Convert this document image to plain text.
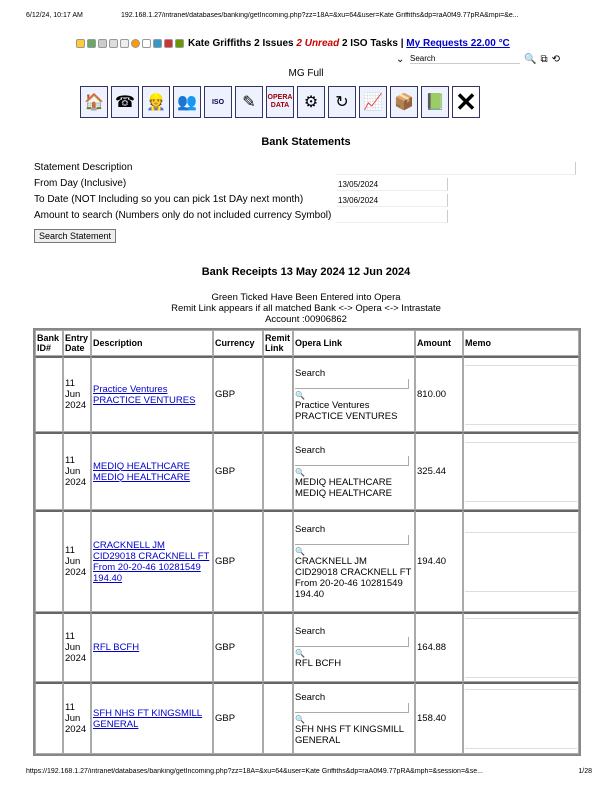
6/12/24, 10:17 AM	192.168.1.27/intranet/databases/banking/getIncoming.php?zz=18A=&xu=64&user=Kate Griffiths&dp=raA0f49.77pRA&mpi=&e...
Kate Griffiths
2 Issues
2 Unread
2 ISO Tasks |
My Requests 22.00 °C
⌄ Search	🔍 ⧉ ⟲
MG Full
🏠 ☎ 👷 👥	ISO	✎	OPERA DATA ⚙	↻ 📈 📦 📗 ✕
Bank Statements
Statement Description
From Day (Inclusive)	13/05/2024
To Date (NOT Including so you can pick 1st DAy next month)	13/06/2024
Amount to search (Numbers only do not included currency Symbol)
Search Statement
Bank Receipts 13 May 2024 12 Jun 2024
Green Ticked Have Been Entered into Opera
Remit Link appears if all matched Bank <-> Opera <-> Intrastate
Account :00906862
Bank ID#	Entry Date	Description	Currency	Remit Link	Opera Link	Amount	Memo
	11
Jun
2024	Practice Ventures
PRACTICE VENTURES	GBP		Search
🔍
Practice Ventures
PRACTICE VENTURES	810.00	

	11
Jun
2024	MEDIQ HEALTHCARE
MEDIQ HEALTHCARE	GBP		Search
🔍
MEDIQ HEALTHCARE
MEDIQ HEALTHCARE	325.44	

	11
Jun
2024	CRACKNELL JM
CID29018 CRACKNELL FT From 20-20-46 10281549 194.40	GBP		Search
🔍
CRACKNELL JM
CID29018 CRACKNELL FT From 20-20-46 10281549 194.40	194.40	

	11
Jun
2024	RFL BCFH	GBP		Search
🔍
RFL BCFH	164.88	

	11
Jun
2024	SFH NHS FT KINGSMILL GENERAL	GBP		Search
🔍
SFH NHS FT KINGSMILL GENERAL	158.40	
https://192.168.1.27/intranet/databases/banking/getIncoming.php?zz=18A=&xu=64&user=Kate Griffiths&dp=raA0f49.77pRA&mph=&session=&se...	1/28
